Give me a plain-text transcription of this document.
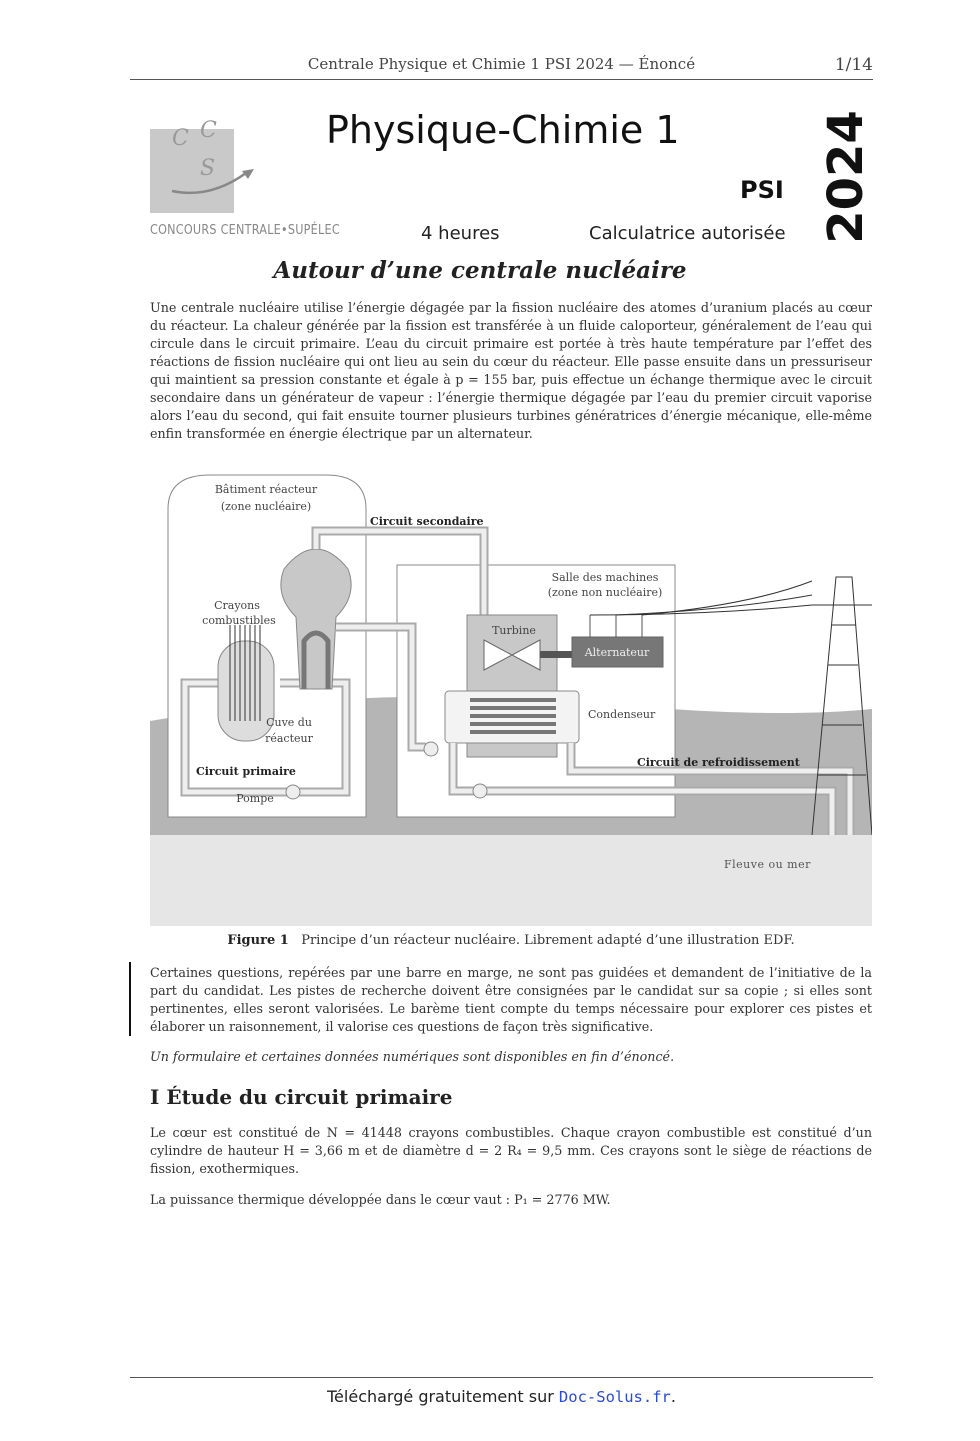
Centrale Physique et Chimie 1 PSI 2024 — Énoncé	1/14
C C
S
CONCOURS CENTRALE•SUPÉLEC
Physique-Chimie 1
PSI 2024
4 heures	Calculatrice autorisée
Autour d’une centrale nucléaire
Une centrale nucléaire utilise l’énergie dégagée par la fission nucléaire des atomes d’uranium placés au cœur du réacteur. La chaleur générée par la fission est transférée à un fluide caloporteur, généralement de l’eau qui circule dans le circuit primaire. L’eau du circuit primaire est portée à très haute température par l’effet des réactions de fission nucléaire qui ont lieu au sein du cœur du réacteur. Elle passe ensuite dans un pressuriseur qui maintient sa pression constante et égale à p = 155 bar, puis effectue un échange thermique avec le circuit secondaire dans un générateur de vapeur : l’énergie thermique dégagée par l’eau du premier circuit vaporise alors l’eau du second, qui fait ensuite tourner plusieurs turbines génératrices d’énergie mécanique, elle-même enfin transformée en énergie électrique par un alternateur.
Bâtiment réacteur
(zone nucléaire)
Circuit secondaire
Salle des machines
(zone non nucléaire)
Crayons
combustibles
Turbine
Alternateur
Cuve du
réacteur
Condenseur
Circuit primaire
Pompe
Circuit de refroidissement
Fleuve ou mer
Figure 1 Principe d’un réacteur nucléaire. Librement adapté d’une illustration EDF.
Certaines questions, repérées par une barre en marge, ne sont pas guidées et demandent de l’initiative de la part du candidat. Les pistes de recherche doivent être consignées par le candidat sur sa copie ; si elles sont pertinentes, elles seront valorisées. Le barème tient compte du temps nécessaire pour explorer ces pistes et élaborer un raisonnement, il valorise ces questions de façon très significative.
Un formulaire et certaines données numériques sont disponibles en fin d’énoncé.
I Étude du circuit primaire
Le cœur est constitué de N = 41448 crayons combustibles. Chaque crayon combustible est constitué d’un cylindre de hauteur H = 3,66 m et de diamètre d = 2 R₄ = 9,5 mm. Ces crayons sont le siège de réactions de fission, exothermiques.
La puissance thermique développée dans le cœur vaut : P₁ = 2776 MW.
Téléchargé gratuitement sur Doc-Solus.fr.
